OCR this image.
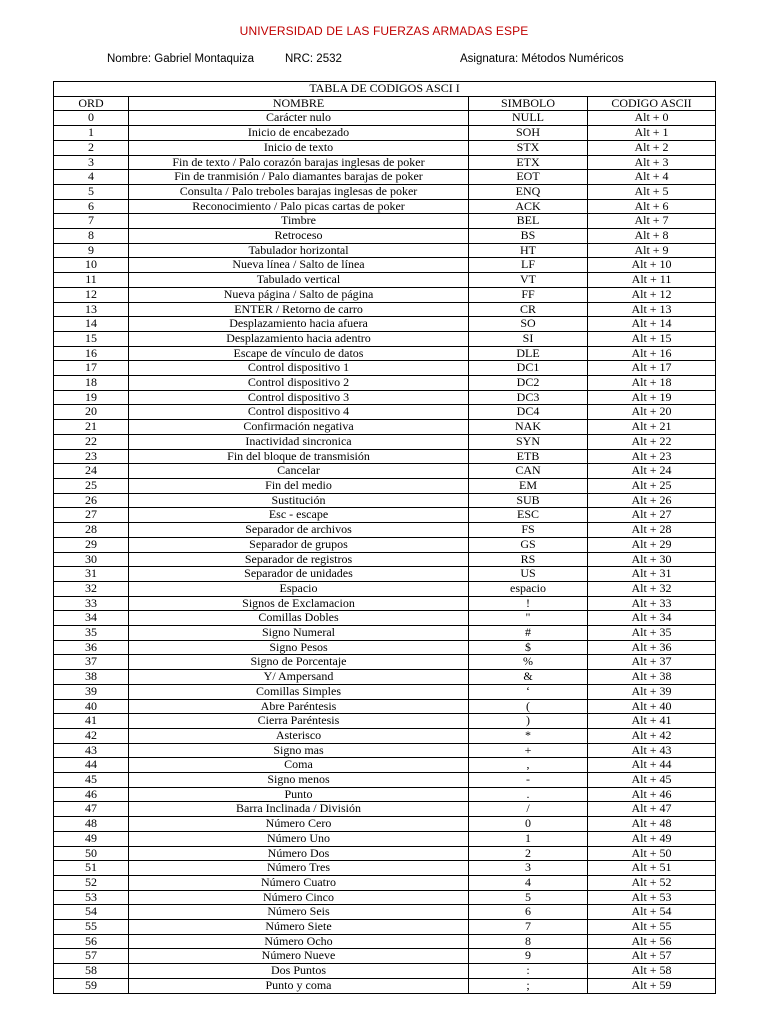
UNIVERSIDAD DE LAS FUERZAS ARMADAS ESPE
Nombre: Gabriel Montaquiza	NRC: 2532	Asignatura: Métodos Numéricos
TABLA DE CODIGOS ASCI I			
ORD	NOMBRE	SIMBOLO	CODIGO ASCII
0	Carácter nulo	NULL	Alt + 0
1	Inicio de encabezado	SOH	Alt + 1
2	Inicio de texto	STX	Alt + 2
3	Fin de texto / Palo corazón barajas inglesas de poker	ETX	Alt + 3
4	Fin de tranmisión / Palo diamantes barajas de poker	EOT	Alt + 4
5	Consulta / Palo treboles barajas inglesas de poker	ENQ	Alt + 5
6	Reconocimiento / Palo picas cartas de poker	ACK	Alt + 6
7	Timbre	BEL	Alt + 7
8	Retroceso	BS	Alt + 8
9	Tabulador horizontal	HT	Alt + 9
10	Nueva línea / Salto de línea	LF	Alt + 10
11	Tabulado vertical	VT	Alt + 11
12	Nueva página / Salto de página	FF	Alt + 12
13	ENTER / Retorno de carro	CR	Alt + 13
14	Desplazamiento hacia afuera	SO	Alt + 14
15	Desplazamiento hacia adentro	SI	Alt + 15
16	Escape de vínculo de datos	DLE	Alt + 16
17	Control dispositivo 1	DC1	Alt + 17
18	Control dispositivo 2	DC2	Alt + 18
19	Control dispositivo 3	DC3	Alt + 19
20	Control dispositivo 4	DC4	Alt + 20
21	Confirmación negativa	NAK	Alt + 21
22	Inactividad sincronica	SYN	Alt + 22
23	Fin del bloque de transmisión	ETB	Alt + 23
24	Cancelar	CAN	Alt + 24
25	Fin del medio	EM	Alt + 25
26	Sustitución	SUB	Alt + 26
27	Esc - escape	ESC	Alt + 27
28	Separador de archivos	FS	Alt + 28
29	Separador de grupos	GS	Alt + 29
30	Separador de registros	RS	Alt + 30
31	Separador de unidades	US	Alt + 31
32	Espacio	espacio	Alt + 32
33	Signos de Exclamacion	!	Alt + 33
34	Comillas Dobles	"	Alt + 34
35	Signo Numeral	#	Alt + 35
36	Signo Pesos	$	Alt + 36
37	Signo de Porcentaje	%	Alt + 37
38	Y/ Ampersand	&	Alt + 38
39	Comillas Simples	‘	Alt + 39
40	Abre Paréntesis	(	Alt + 40
41	Cierra Paréntesis	)	Alt + 41
42	Asterisco	*	Alt + 42
43	Signo mas	+	Alt + 43
44	Coma	,	Alt + 44
45	Signo menos	-	Alt + 45
46	Punto	.	Alt + 46
47	Barra Inclinada / División	/	Alt + 47
48	Número Cero	0	Alt + 48
49	Número Uno	1	Alt + 49
50	Número Dos	2	Alt + 50
51	Número Tres	3	Alt + 51
52	Número Cuatro	4	Alt + 52
53	Número Cinco	5	Alt + 53
54	Número Seis	6	Alt + 54
55	Número Siete	7	Alt + 55
56	Número Ocho	8	Alt + 56
57	Número Nueve	9	Alt + 57
58	Dos Puntos	:	Alt + 58
59	Punto y coma	;	Alt + 59
